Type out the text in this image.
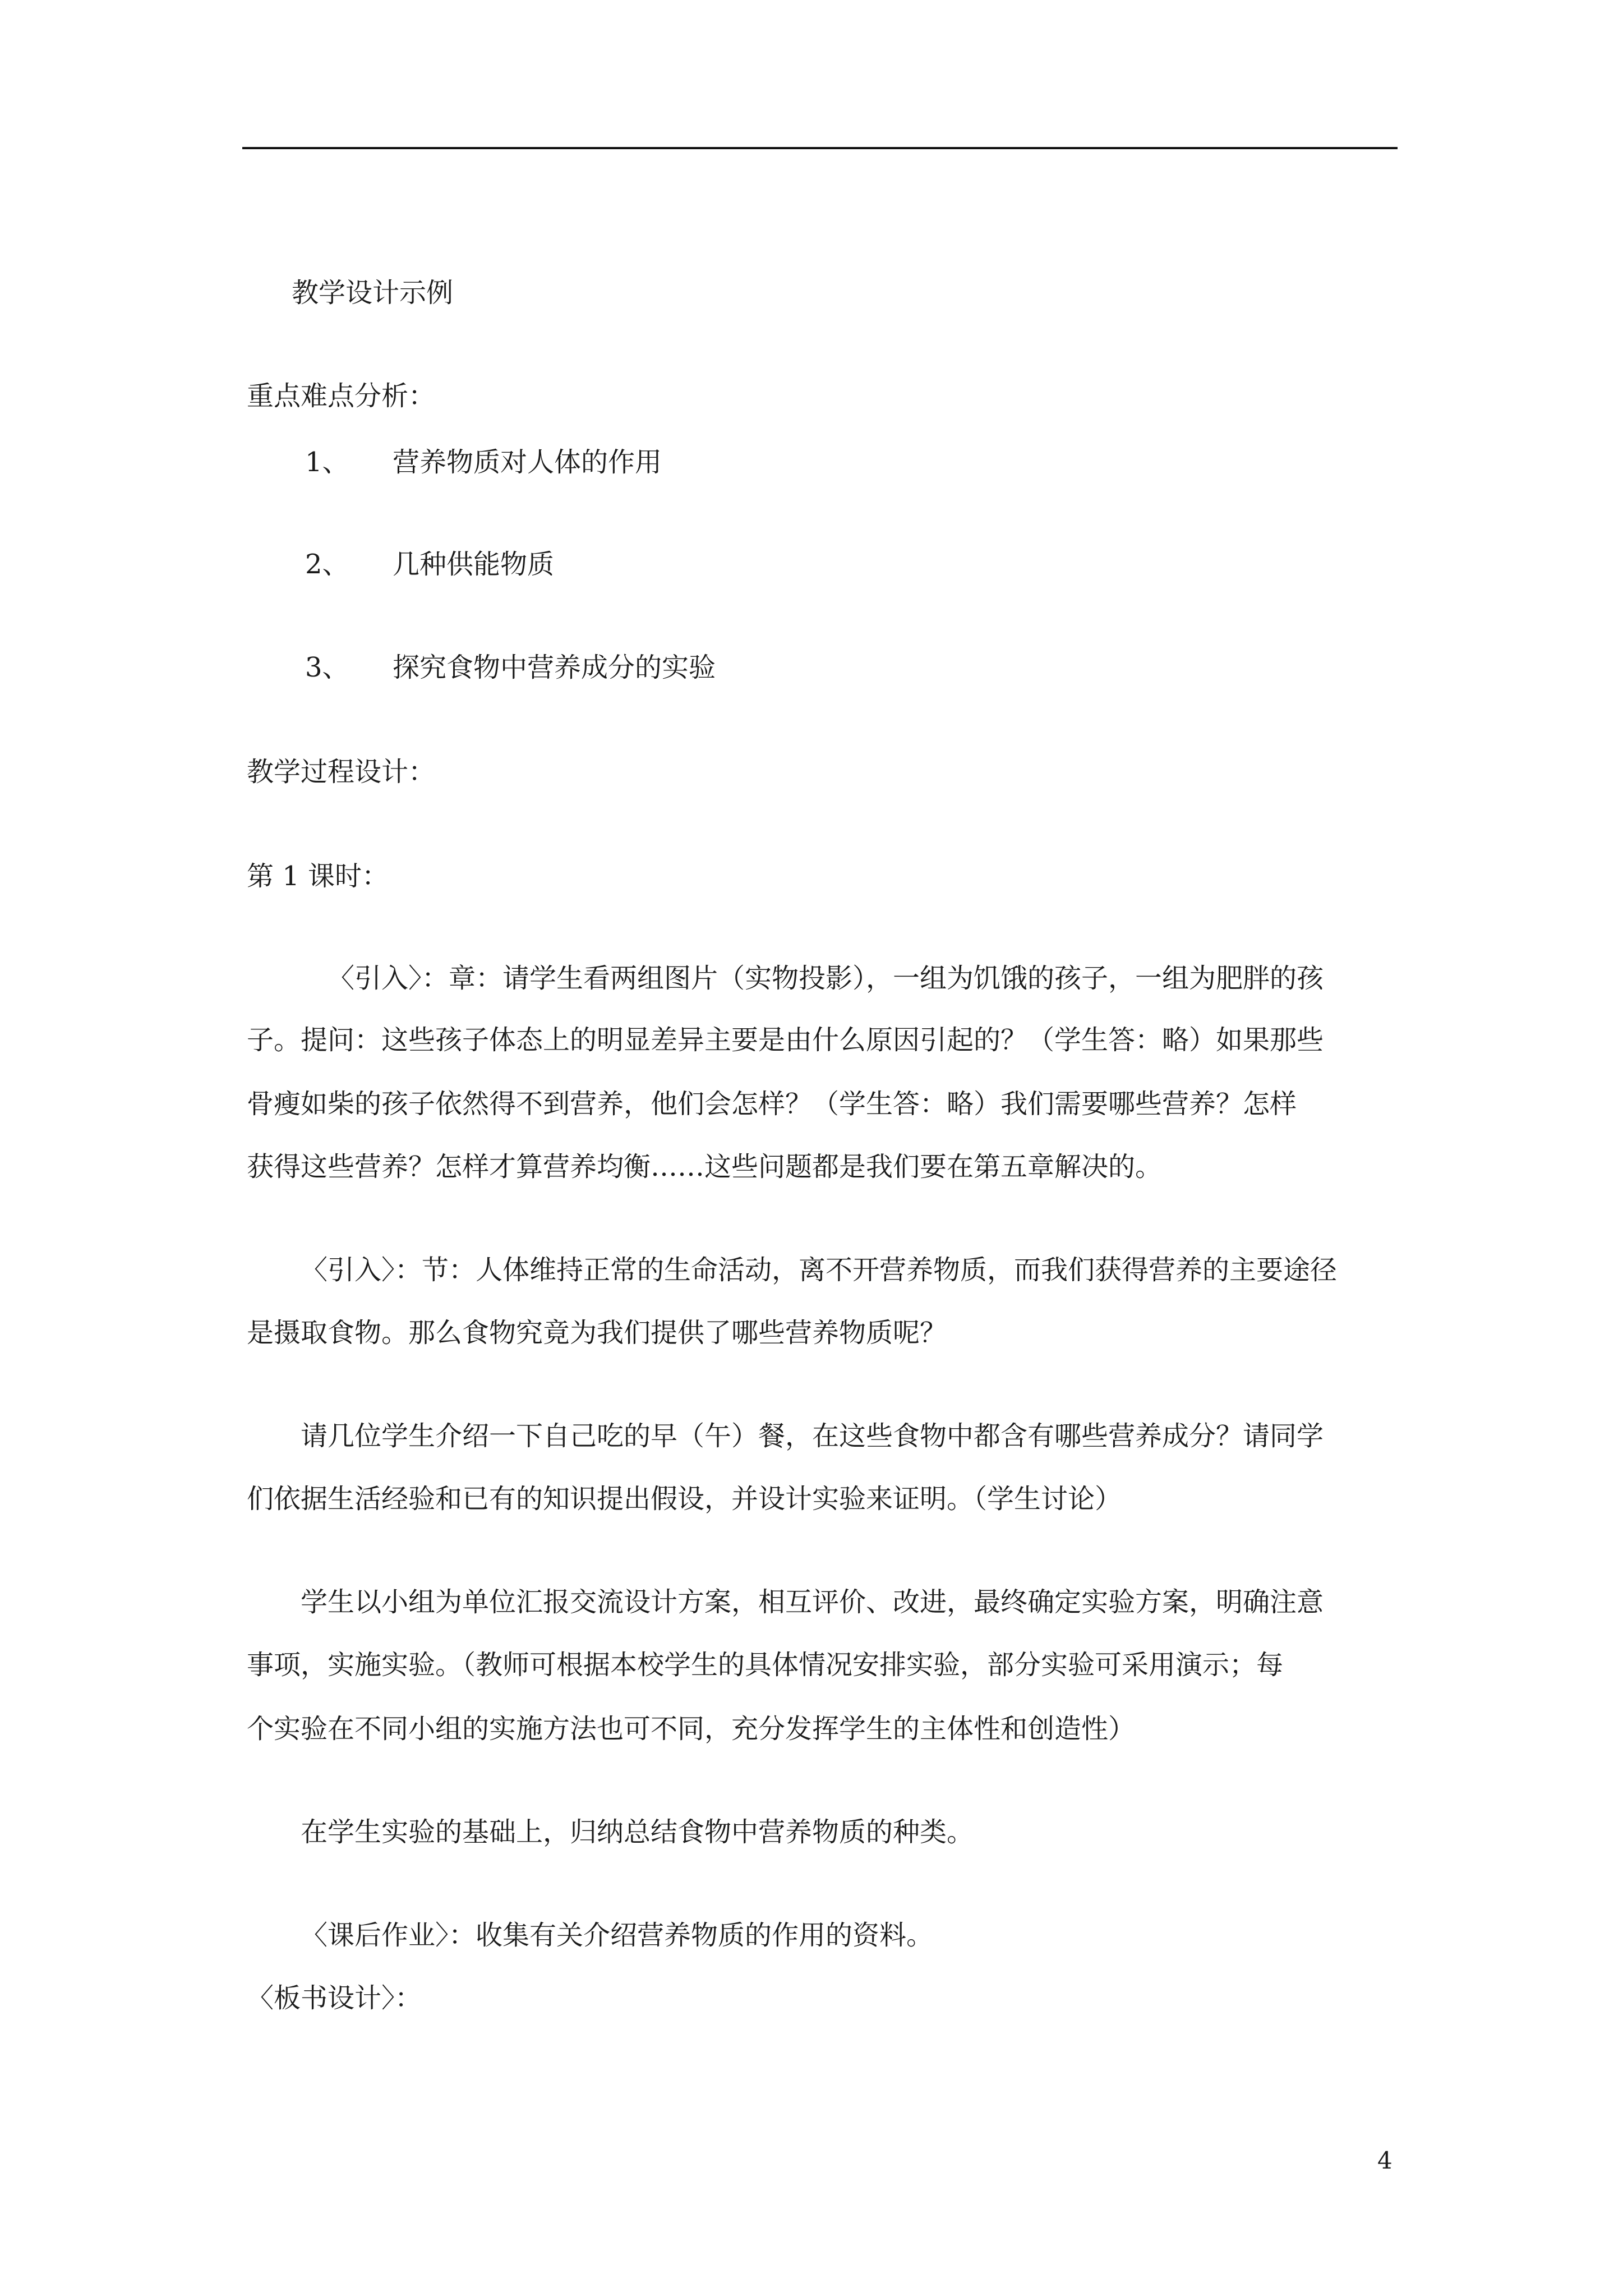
教学设计示例
重点难点分析：
1、 营养物质对人体的作用
2、 几种供能物质
3、 探究食物中营养成分的实验
教学过程设计：
第 1 课时：
〈引入〉：章：请学生看两组图片（实物投影），一组为饥饿的孩子，一组为肥胖的孩
子。提问：这些孩子体态上的明显差异主要是由什么原因引起的？（学生答：略）如果那些
骨瘦如柴的孩子依然得不到营养，他们会怎样？（学生答：略）我们需要哪些营养？怎样
获得这些营养？怎样才算营养均衡……这些问题都是我们要在第五章解决的。
〈引入〉：节：人体维持正常的生命活动，离不开营养物质，而我们获得营养的主要途径
是摄取食物。那么食物究竟为我们提供了哪些营养物质呢？
请几位学生介绍一下自己吃的早（午）餐，在这些食物中都含有哪些营养成分？请同学
们依据生活经验和已有的知识提出假设，并设计实验来证明。（学生讨论）
学生以小组为单位汇报交流设计方案，相互评价、改进，最终确定实验方案，明确注意
事项，实施实验。（教师可根据本校学生的具体情况安排实验，部分实验可采用演示；每
个实验在不同小组的实施方法也可不同，充分发挥学生的主体性和创造性）
在学生实验的基础上，归纳总结食物中营养物质的种类。
〈课后作业〉：收集有关介绍营养物质的作用的资料。
〈板书设计〉：
4
